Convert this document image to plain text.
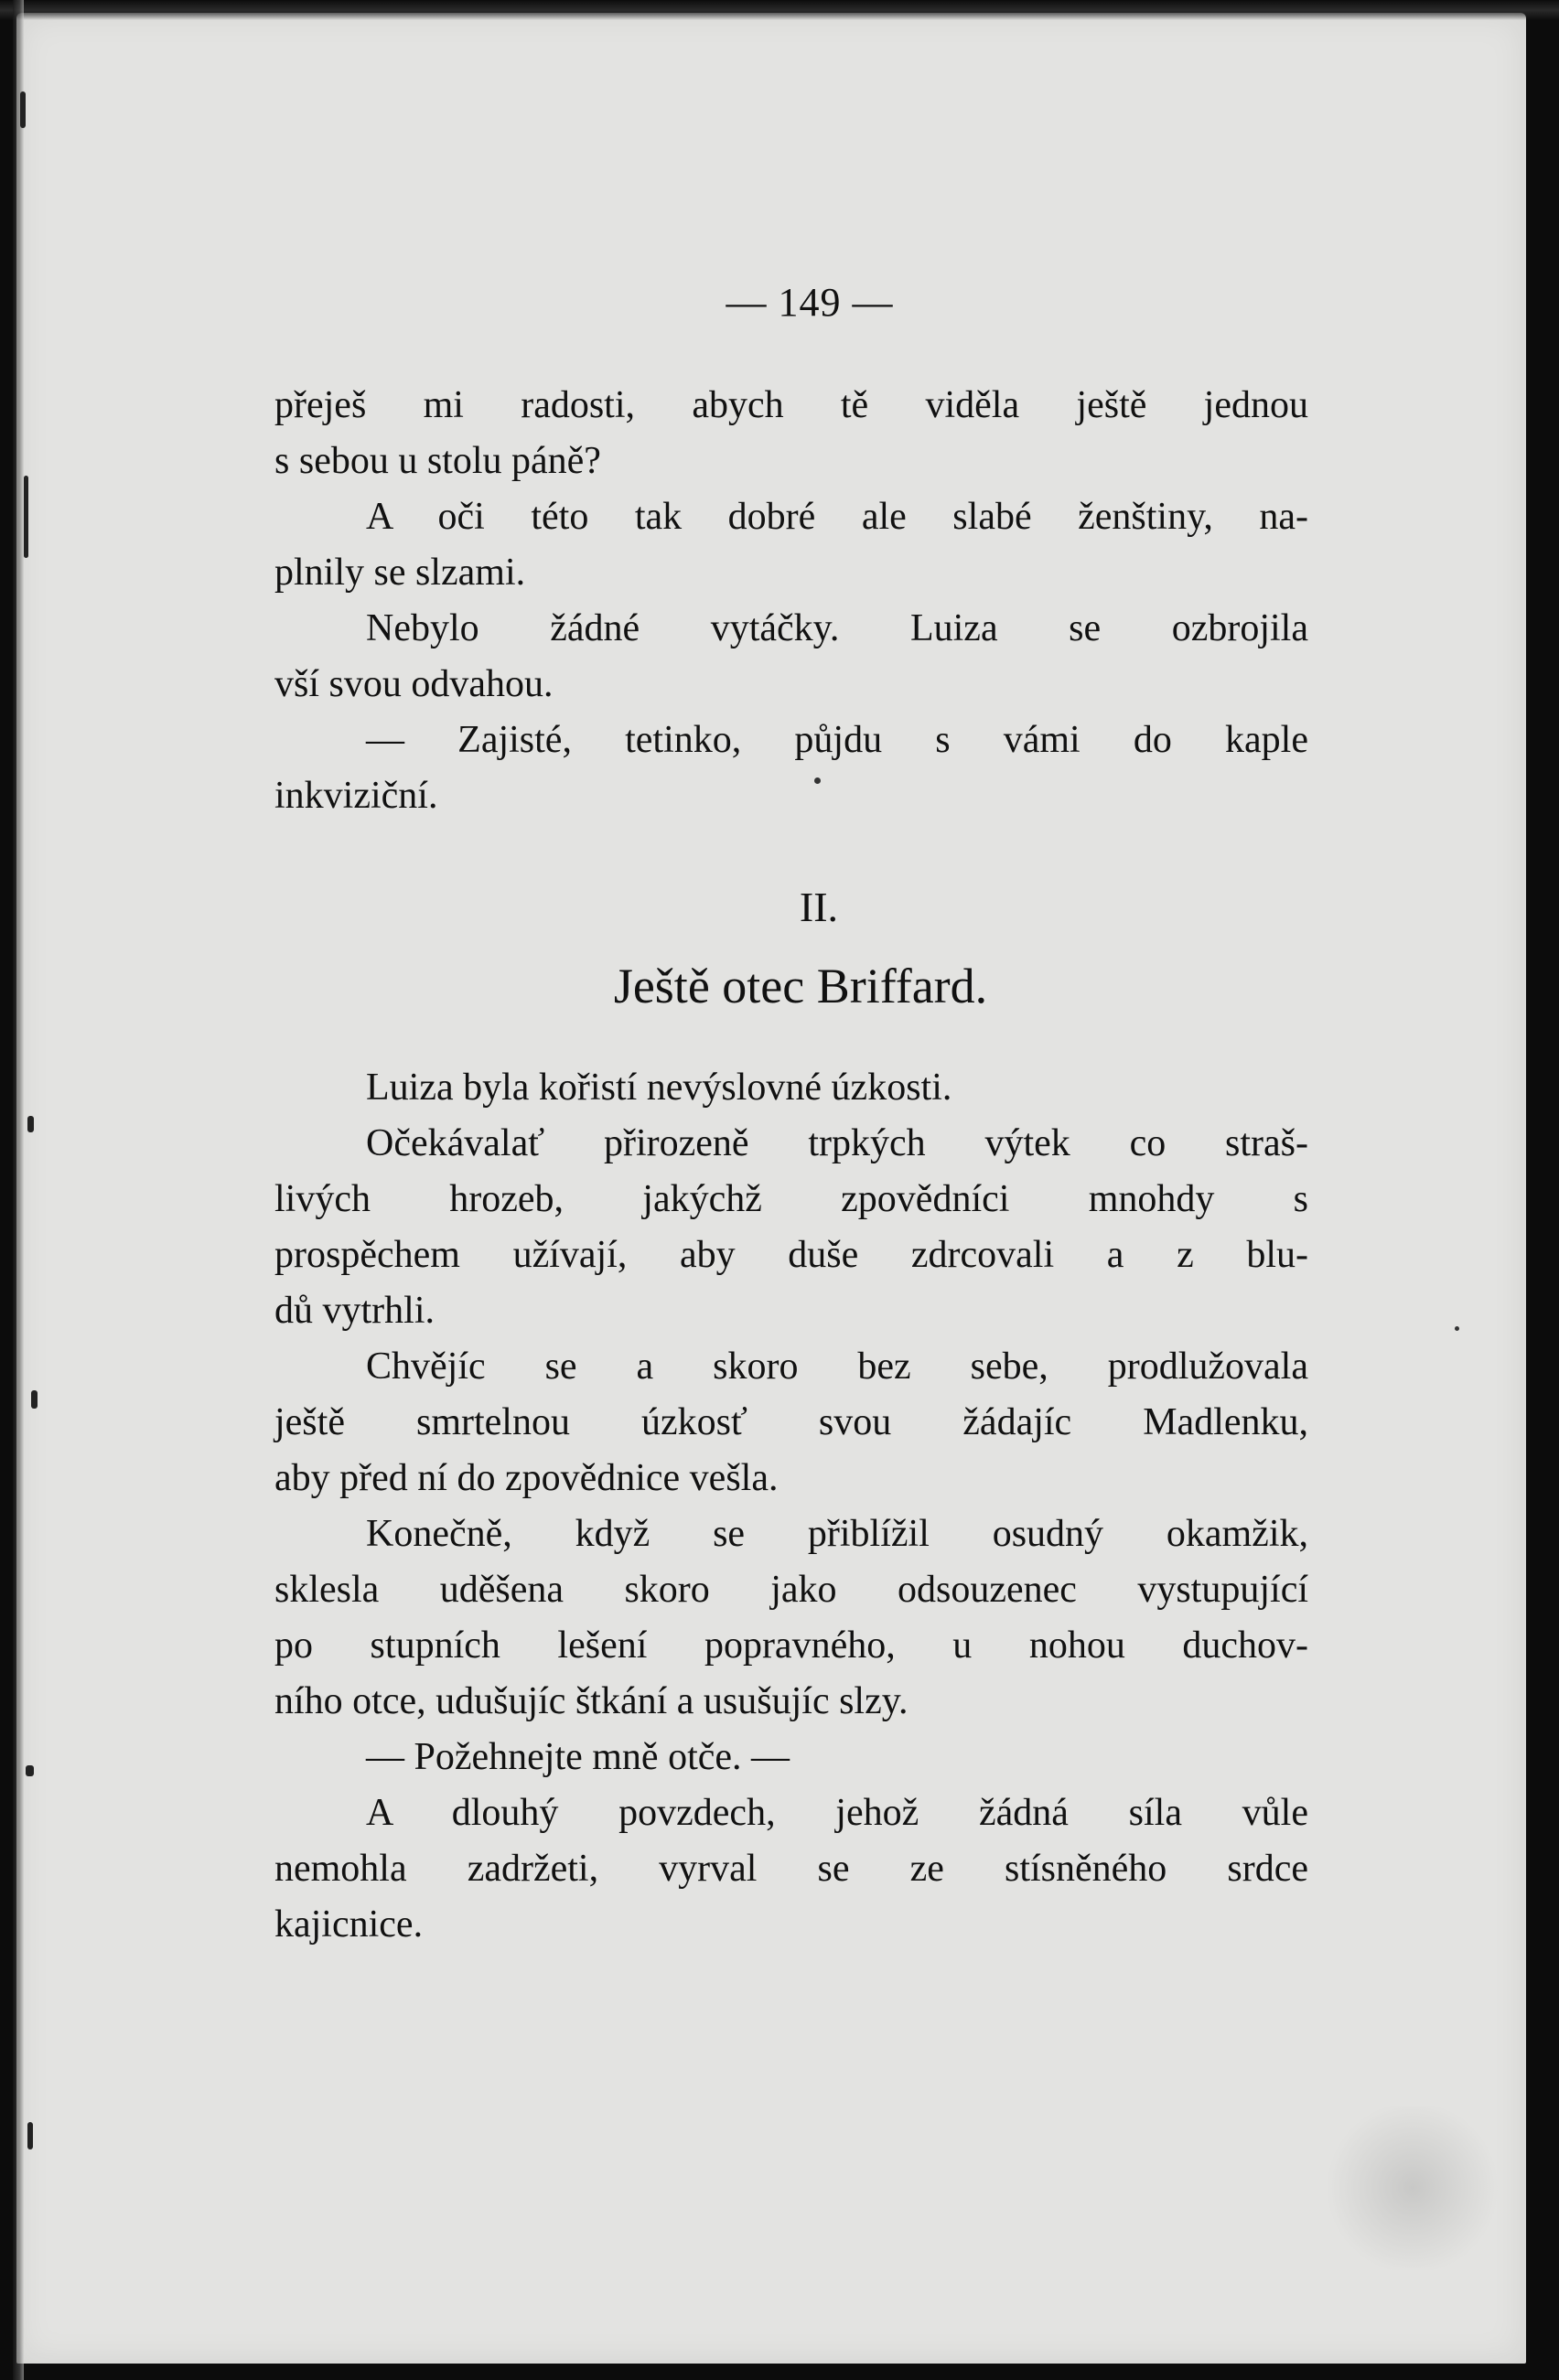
— 149 —
přeješ mi radosti, abych tě viděla ještě jednou
s sebou u stolu páně?
A oči této tak dobré ale slabé ženštiny, na-
plnily se slzami.
Nebylo žádné vytáčky. Luiza se ozbrojila
vší svou odvahou.
— Zajisté, tetinko, půjdu s vámi do kaple
inkviziční.
II.
Ještě otec Briffard.
Luiza byla kořistí nevýslovné úzkosti.
Očekávalať přirozeně trpkých výtek co straš-
livých hrozeb, jakýchž zpovědníci mnohdy s
prospěchem užívají, aby duše zdrcovali a z blu-
dů vytrhli.
Chvějíc se a skoro bez sebe, prodlužovala
ještě smrtelnou úzkosť svou žádajíc Madlenku,
aby před ní do zpovědnice vešla.
Konečně, když se přiblížil osudný okamžik,
sklesla uděšena skoro jako odsouzenec vystupující
po stupních lešení popravného, u nohou duchov-
ního otce, udušujíc štkání a usušujíc slzy.
— Požehnejte mně otče. —
A dlouhý povzdech, jehož žádná síla vůle
nemohla zadržeti, vyrval se ze stísněného srdce
kajicnice.
